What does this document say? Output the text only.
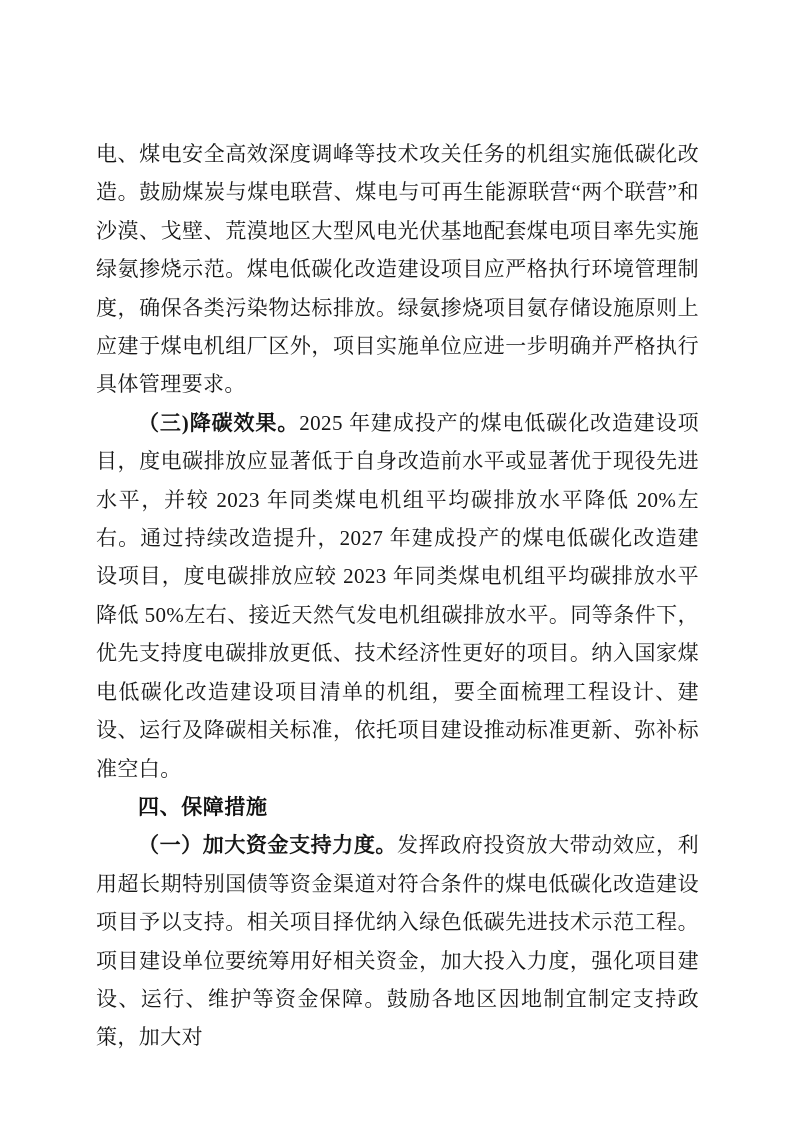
电、煤电安全高效深度调峰等技术攻关任务的机组实施低碳化改造。鼓励煤炭与煤电联营、煤电与可再生能源联营“两个联营”和沙漠、戈壁、荒漠地区大型风电光伏基地配套煤电项目率先实施绿氨掺烧示范。煤电低碳化改造建设项目应严格执行环境管理制度，确保各类污染物达标排放。绿氨掺烧项目氨存储设施原则上应建于煤电机组厂区外，项目实施单位应进一步明确并严格执行具体管理要求。

（三)降碳效果。2025 年建成投产的煤电低碳化改造建设项目，度电碳排放应显著低于自身改造前水平或显著优于现役先进水平，并较 2023 年同类煤电机组平均碳排放水平降低 20%左右。通过持续改造提升，2027 年建成投产的煤电低碳化改造建设项目，度电碳排放应较 2023 年同类煤电机组平均碳排放水平降低 50%左右、接近天然气发电机组碳排放水平。同等条件下，优先支持度电碳排放更低、技术经济性更好的项目。纳入国家煤电低碳化改造建设项目清单的机组，要全面梳理工程设计、建设、运行及降碳相关标准，依托项目建设推动标准更新、弥补标准空白。

四、保障措施

（一）加大资金支持力度。发挥政府投资放大带动效应，利用超长期特别国债等资金渠道对符合条件的煤电低碳化改造建设项目予以支持。相关项目择优纳入绿色低碳先进技术示范工程。项目建设单位要统筹用好相关资金，加大投入力度，强化项目建设、运行、维护等资金保障。鼓励各地区因地制宜制定支持政策，加大对
